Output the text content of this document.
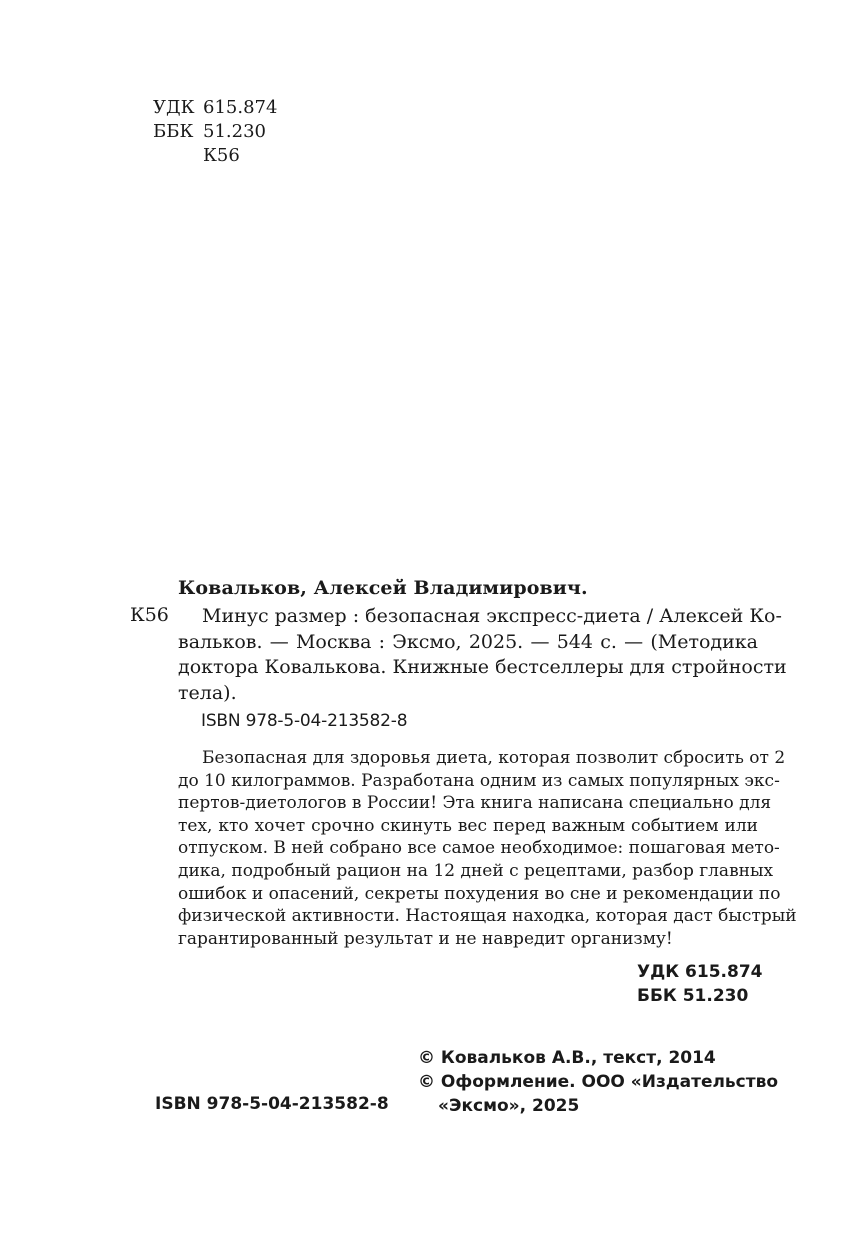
УДК 615.874
ББК 51.230
К56
Ковальков, Алексей Владимирович.
К56	Минус размер : безопасная экспресс-диета / Алексей Ко-
вальков. — Москва : Эксмо, 2025. — 544 с. — (Методика
доктора Ковалькова. Книжные бестселлеры для стройности
тела).
ISBN 978-5-04-213582-8
Безопасная для здоровья диета, которая позволит сбросить от 2
до 10 килограммов. Разработана одним из самых популярных экс-
пертов-диетологов в России! Эта книга написана специально для
тех, кто хочет срочно скинуть вес перед важным событием или
отпуском. В ней собрано все самое необходимое: пошаговая мето-
дика, подробный рацион на 12 дней с рецептами, разбор главных
ошибок и опасений, секреты похудения во сне и рекомендации по
физической активности. Настоящая находка, которая даст быстрый
гарантированный результат и не навредит организму!
УДК 615.874
ББК 51.230
© Ковальков А.В., текст, 2014
© Оформление. ООО «Издательство
«Эксмо», 2025
ISBN 978-5-04-213582-8
